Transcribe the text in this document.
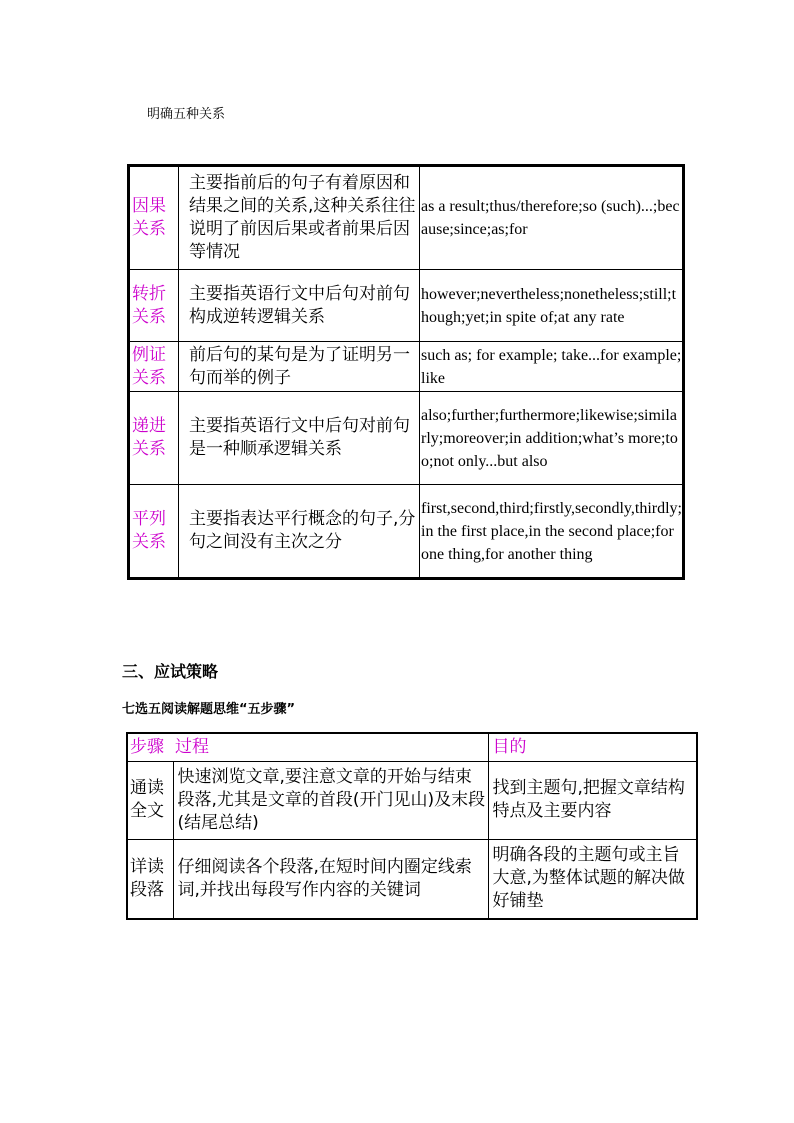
明确五种关系
因果关系	主要指前后的句子有着原因和结果之间的关系,这种关系往往说明了前因后果或者前果后因等情况	as a result;thus/therefore;so (such)...;because;since;as;for
转折关系	主要指英语行文中后句对前句构成逆转逻辑关系	however;nevertheless;nonetheless;still;though;yet;in spite of;at any rate
例证关系	前后句的某句是为了证明另一句而举的例子	such as; for example; take...for example; like
递进关系	主要指英语行文中后句对前句是一种顺承逻辑关系	also;further;furthermore;likewise;similarly;moreover;in addition;what’s more;too;not only...but also
平列关系	主要指表达平行概念的句子,分句之间没有主次之分	first,second,third;firstly,secondly,thirdly;in the first place,in the second place;for one thing,for another thing
三、应试策略
七选五阅读解题思维“五步骤”
步骤	过程	目的
通读全文	快速浏览文章,要注意文章的开始与结束段落,尤其是文章的首段(开门见山)及末段(结尾总结)	找到主题句,把握文章结构特点及主要内容
详读段落	仔细阅读各个段落,在短时间内圈定线索词,并找出每段写作内容的关键词	明确各段的主题句或主旨大意,为整体试题的解决做好铺垫
